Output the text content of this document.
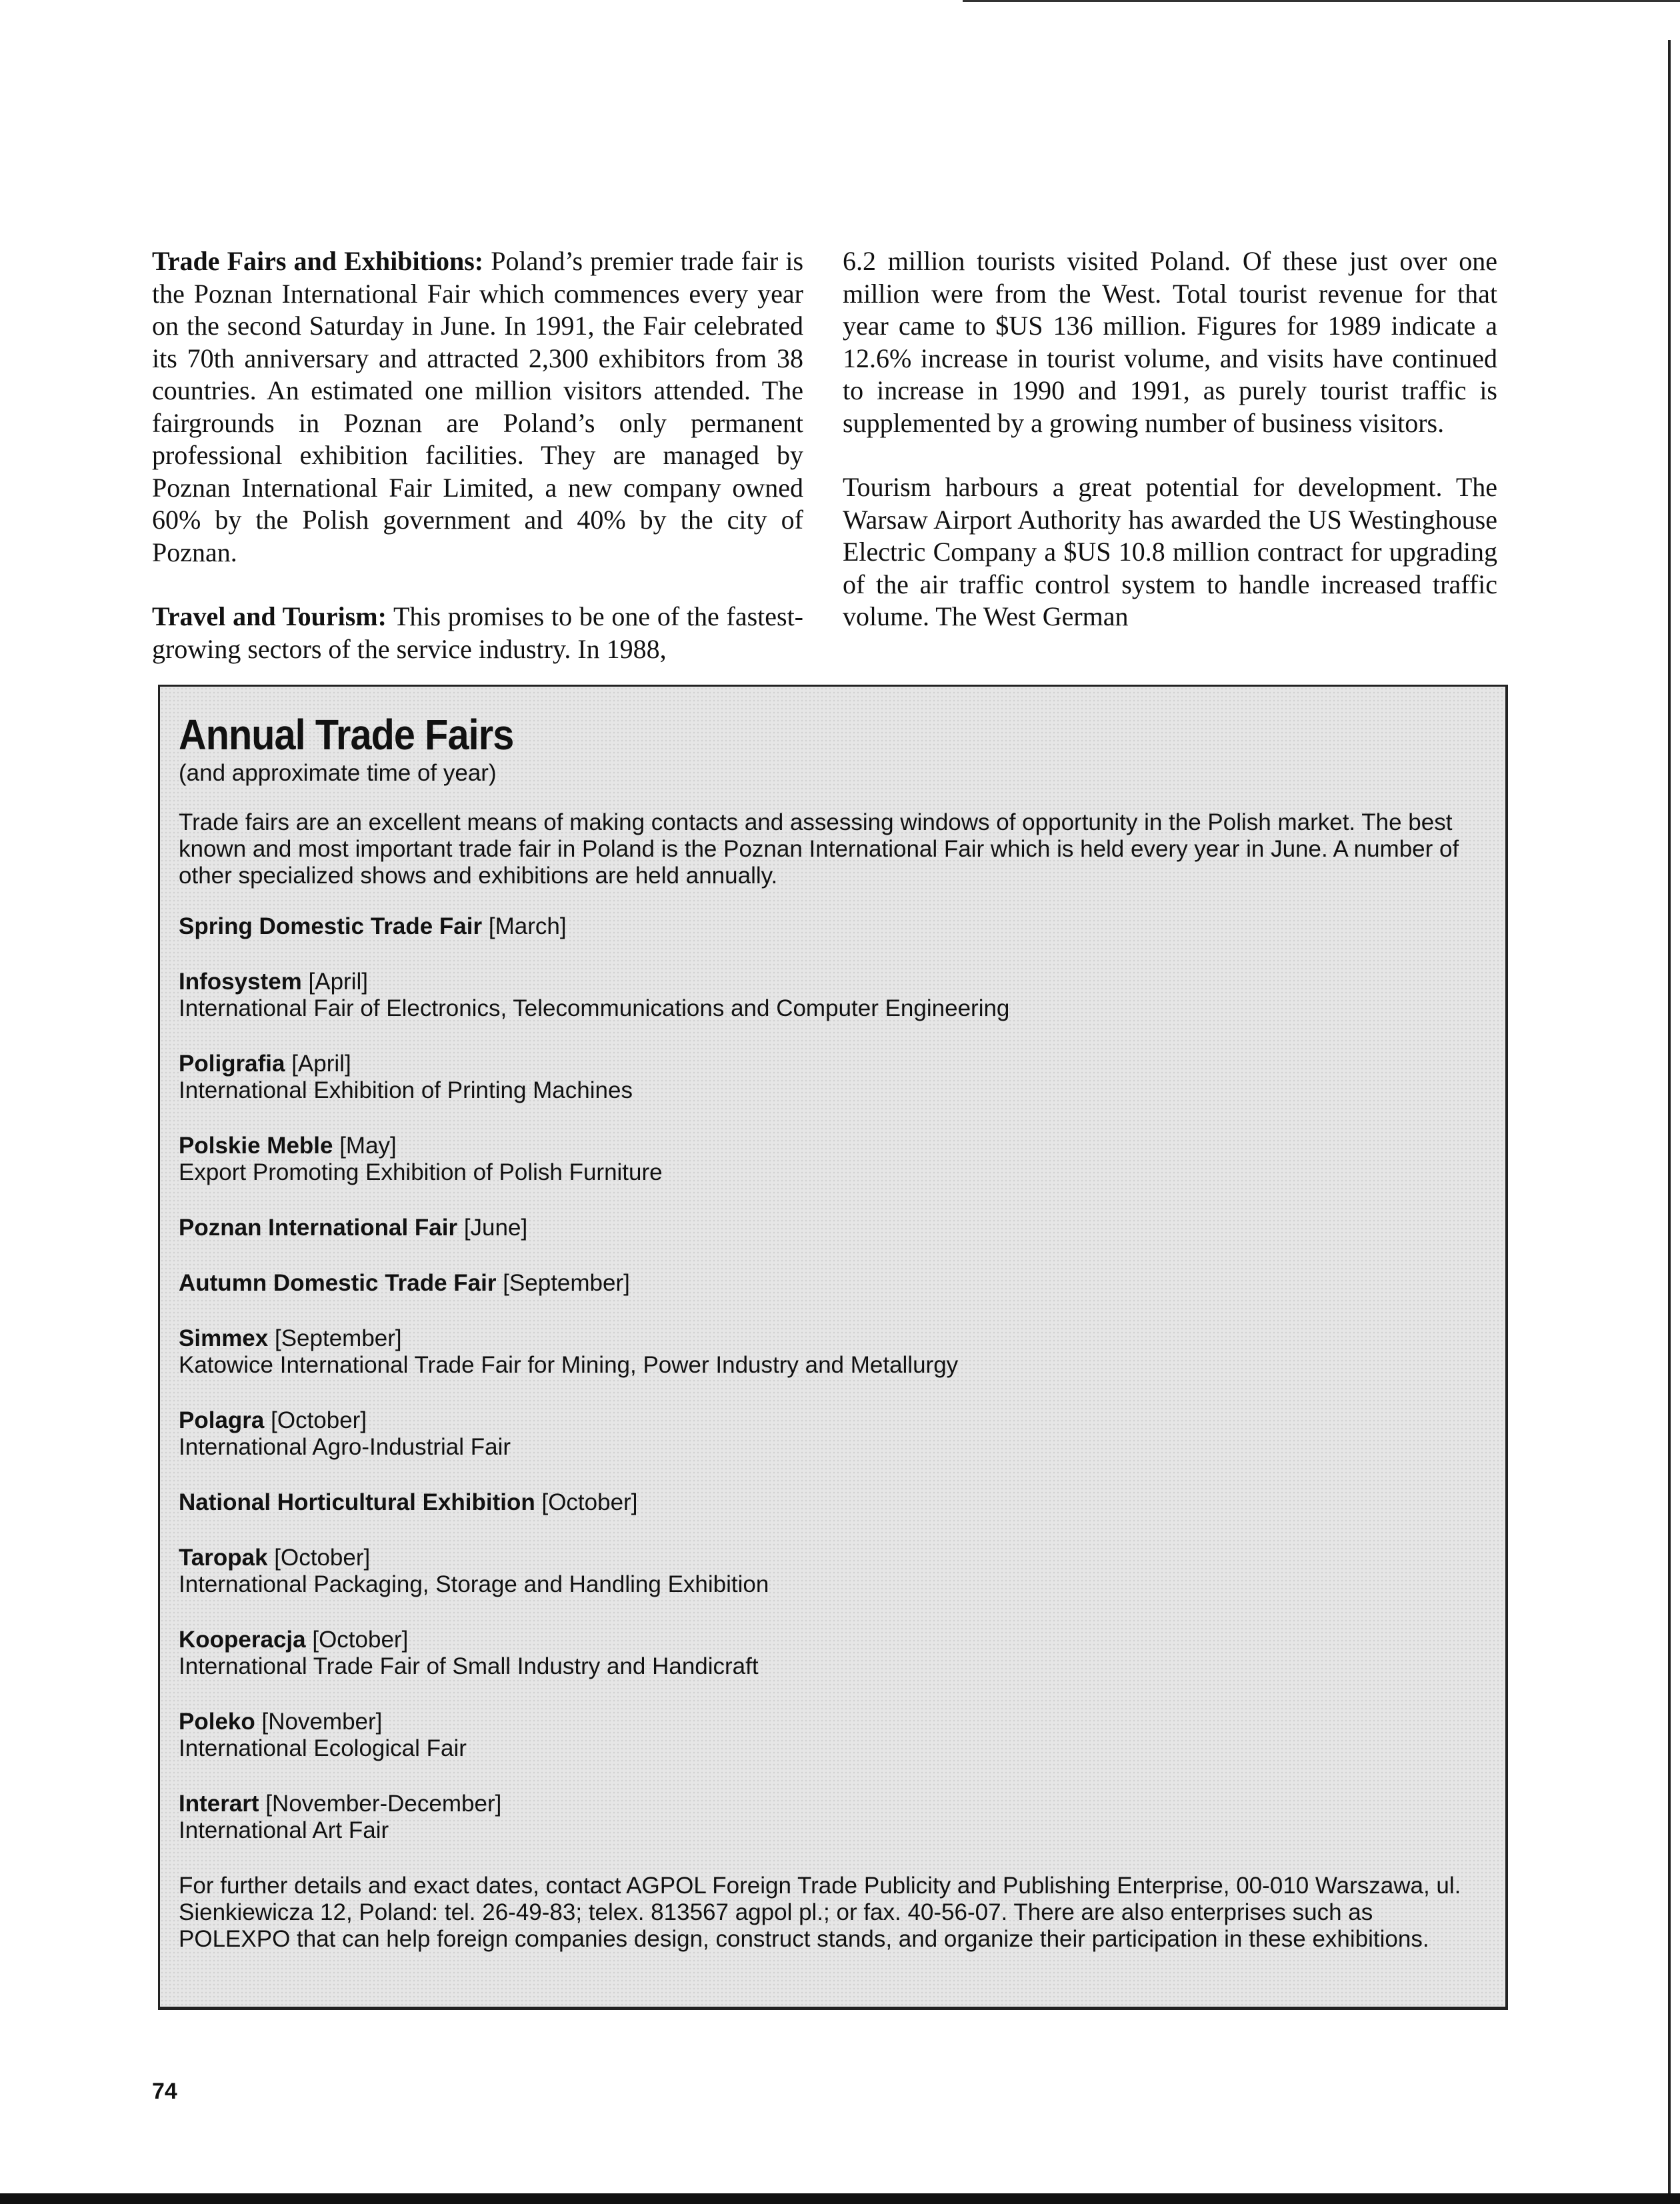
Trade Fairs and Exhibitions: Poland’s premier trade fair is the Poznan International Fair which commences every year on the second Saturday in June. In 1991, the Fair celebrated its 70th anniversary and attracted 2,300 exhibitors from 38 countries. An estimated one million visitors attended. The fairgrounds in Poznan are Poland’s only permanent professional exhibition facilities. They are managed by Poznan International Fair Limited, a new company owned 60% by the Polish government and 40% by the city of Poznan.

Travel and Tourism: This promises to be one of the fastest-growing sectors of the service industry. In 1988,

6.2 million tourists visited Poland. Of these just over one million were from the West. Total tourist revenue for that year came to $US 136 million. Figures for 1989 indicate a 12.6% increase in tourist volume, and visits have continued to increase in 1990 and 1991, as purely tourist traffic is supplemented by a growing number of business visitors.

Tourism harbours a great potential for development. The Warsaw Airport Authority has awarded the US Westinghouse Electric Company a $US 10.8 million contract for upgrading of the air traffic control system to handle increased traffic volume. The West German

Annual Trade Fairs

(and approximate time of year)

Trade fairs are an excellent means of making contacts and assessing windows of opportunity in the Polish market. The best known and most important trade fair in Poland is the Poznan International Fair which is held every year in June. A number of other specialized shows and exhibitions are held annually.

Spring Domestic Trade Fair [March]
Infosystem [April]
International Fair of Electronics, Telecommunications and Computer Engineering
Poligrafia [April]
International Exhibition of Printing Machines
Polskie Meble [May]
Export Promoting Exhibition of Polish Furniture
Poznan International Fair [June]
Autumn Domestic Trade Fair [September]
Simmex [September]
Katowice International Trade Fair for Mining, Power Industry and Metallurgy
Polagra [October]
International Agro-Industrial Fair
National Horticultural Exhibition [October]
Taropak [October]
International Packaging, Storage and Handling Exhibition
Kooperacja [October]
International Trade Fair of Small Industry and Handicraft
Poleko [November]
International Ecological Fair
Interart [November-December]
International Art Fair

For further details and exact dates, contact AGPOL Foreign Trade Publicity and Publishing Enterprise, 00-010 Warszawa, ul. Sienkiewicza 12, Poland: tel. 26-49-83; telex. 813567 agpol pl.; or fax. 40-56-07. There are also enterprises such as POLEXPO that can help foreign companies design, construct stands, and organize their participation in these exhibitions.

74
